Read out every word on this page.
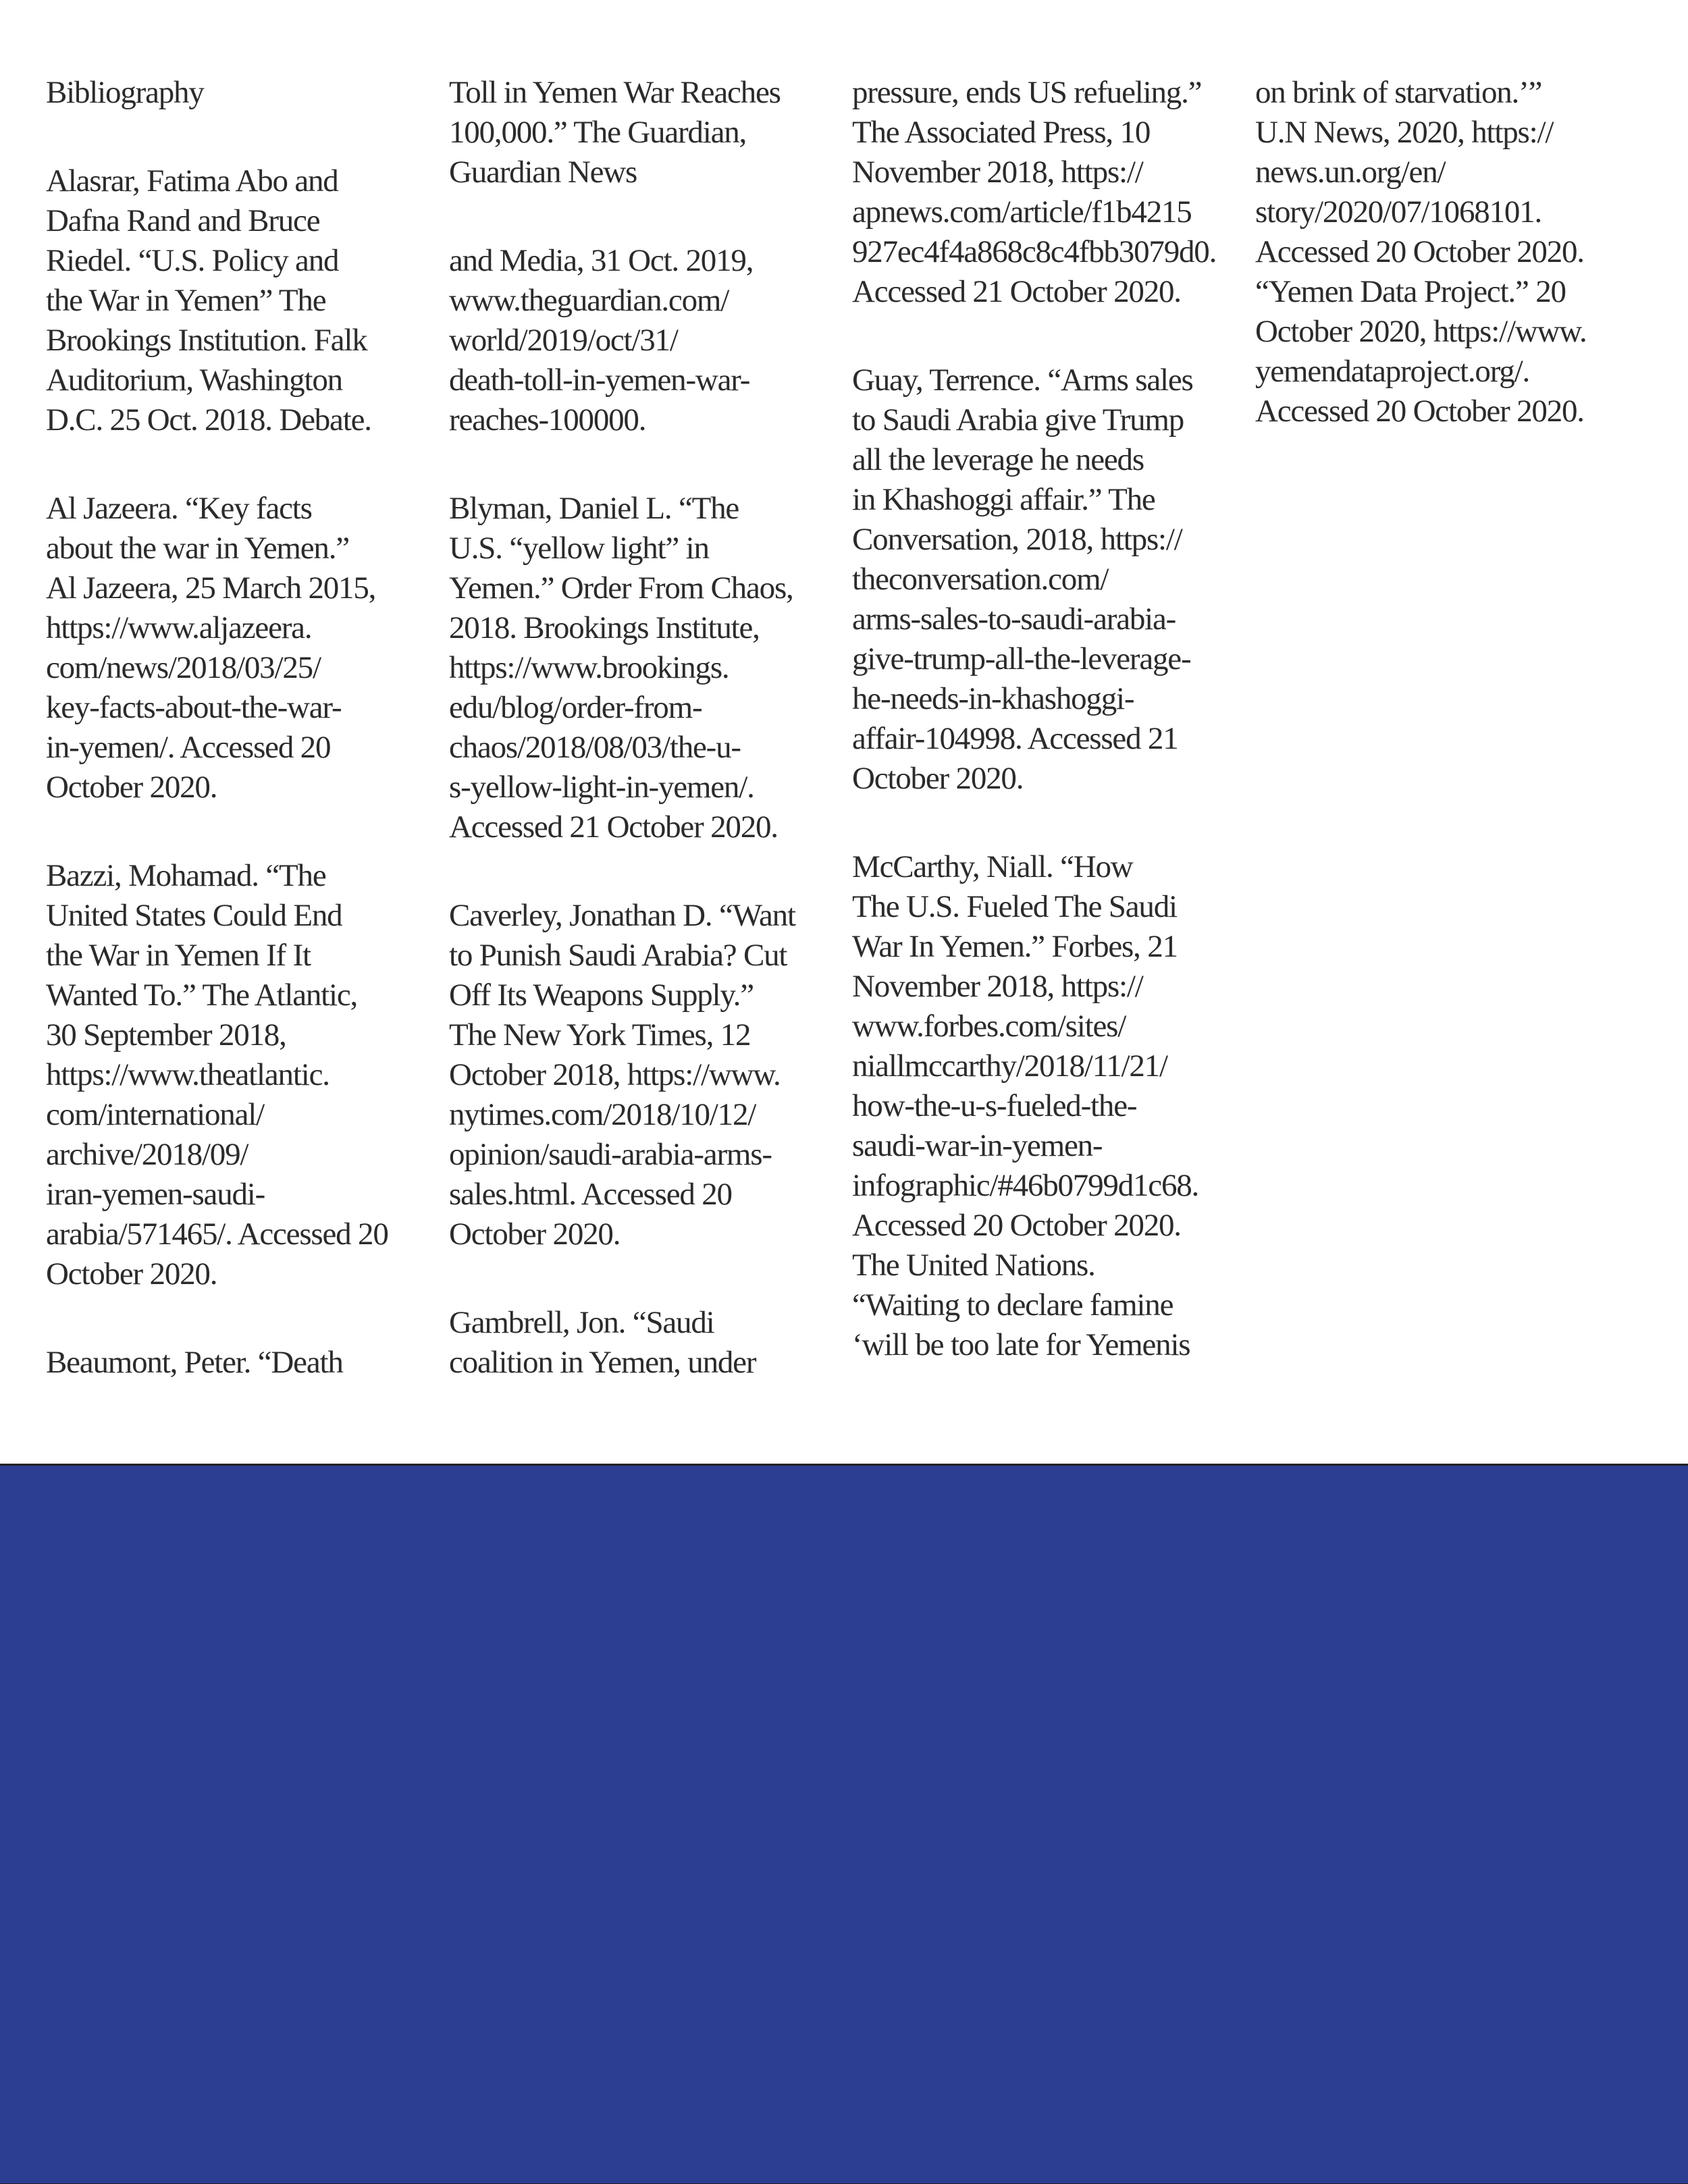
Bibliography
Alasrar, Fatima Abo and
Dafna Rand and Bruce
Riedel. “U.S. Policy and
the War in Yemen” The
Brookings Institution. Falk
Auditorium, Washington
D.C. 25 Oct. 2018. Debate.
Al Jazeera. “Key facts
about the war in Yemen.”
Al Jazeera, 25 March 2015,
https://www.aljazeera.
com/news/2018/03/25/
key-facts-about-the-war-
in-yemen/. Accessed 20
October 2020.
Bazzi, Mohamad. “The
United States Could End
the War in Yemen If It
Wanted To.” The Atlantic,
30 September 2018,
https://www.theatlantic.
com/international/
archive/2018/09/
iran-yemen-saudi-
arabia/571465/. Accessed 20
October 2020.
Beaumont, Peter. “Death
Toll in Yemen War Reaches
100,000.” The Guardian,
Guardian News
and Media, 31 Oct. 2019,
www.theguardian.com/
world/2019/oct/31/
death-toll-in-yemen-war-
reaches-100000.
Blyman, Daniel L. “The
U.S. “yellow light” in
Yemen.” Order From Chaos,
2018. Brookings Institute,
https://www.brookings.
edu/blog/order-from-
chaos/2018/08/03/the-u-
s-yellow-light-in-yemen/.
Accessed 21 October 2020.
Caverley, Jonathan D. “Want
to Punish Saudi Arabia? Cut
Off Its Weapons Supply.”
The New York Times, 12
October 2018, https://www.
nytimes.com/2018/10/12/
opinion/saudi-arabia-arms-
sales.html. Accessed 20
October 2020.
Gambrell, Jon. “Saudi
coalition in Yemen, under
pressure, ends US refueling.”
The Associated Press, 10
November 2018, https://
apnews.com/article/f1b4215
927ec4f4a868c8c4fbb3079d0.
Accessed 21 October 2020.
Guay, Terrence. “Arms sales
to Saudi Arabia give Trump
all the leverage he needs
in Khashoggi affair.” The
Conversation, 2018, https://
theconversation.com/
arms-sales-to-saudi-arabia-
give-trump-all-the-leverage-
he-needs-in-khashoggi-
affair-104998. Accessed 21
October 2020.
McCarthy, Niall. “How
The U.S. Fueled The Saudi
War In Yemen.” Forbes, 21
November 2018, https://
www.forbes.com/sites/
niallmccarthy/2018/11/21/
how-the-u-s-fueled-the-
saudi-war-in-yemen-
infographic/#46b0799d1c68.
Accessed 20 October 2020.
The United Nations.
“Waiting to declare famine
‘will be too late for Yemenis
on brink of starvation.’”
U.N News, 2020, https://
news.un.org/en/
story/2020/07/1068101.
Accessed 20 October 2020.
“Yemen Data Project.” 20
October 2020, https://www.
yemendataproject.org/.
Accessed 20 October 2020.
